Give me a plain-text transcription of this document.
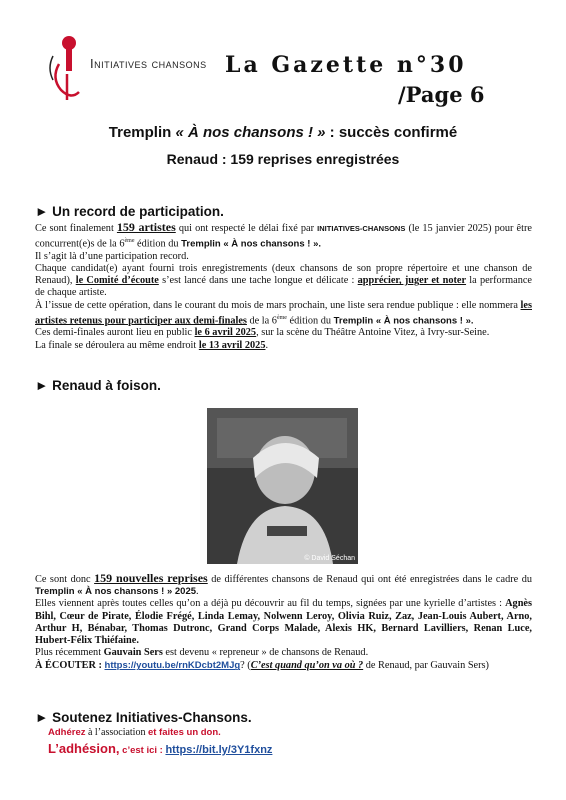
Initiatives chansons La Gazette n°30
/Page 6
Tremplin « À nos chansons ! » : succès confirmé
Renaud : 159 reprises enregistrées
► Un record de participation.
Ce sont finalement 159 artistes qui ont respecté le délai fixé par INITIATIVES-CHANSONS (le 15 janvier 2025) pour être concurrent(e)s de la 6ème édition du Tremplin « À nos chansons ! ».
Il s’agit là d’une participation record.
Chaque candidat(e) ayant fourni trois enregistrements (deux chansons de son propre répertoire et une chanson de Renaud), le Comité d’écoute s’est lancé dans une tache longue et délicate : apprécier, juger et noter la performance de chaque artiste.
À l’issue de cette opération, dans le courant du mois de mars prochain, une liste sera rendue publique : elle nommera les artistes retenus pour participer aux demi-finales de la 6ème édition du Tremplin « À nos chansons ! ».
Ces demi-finales auront lieu en public le 6 avril 2025, sur la scène du Théâtre Antoine Vitez, à Ivry-sur-Seine.
La finale se déroulera au même endroit le 13 avril 2025.
► Renaud à foison.
© David Séchan
Ce sont donc 159 nouvelles reprises de différentes chansons de Renaud qui ont été enregistrées dans le cadre du Tremplin « À nos chansons ! » 2025.
Elles viennent après toutes celles qu’on a déjà pu découvrir au fil du temps, signées par une kyrielle d’artistes : Agnès Bihl, Cœur de Pirate, Élodie Frégé, Linda Lemay, Nolwenn Leroy, Olivia Ruiz, Zaz, Jean-Louis Aubert, Arno, Arthur H, Bénabar, Thomas Dutronc, Grand Corps Malade, Alexis HK, Bernard Lavilliers, Renan Luce, Hubert-Félix Thiéfaine.
Plus récemment Gauvain Sers est devenu « repreneur » de chansons de Renaud.
À ÉCOUTER : https://youtu.be/rnKDcbt2MJg? (C’est quand qu’on va où ? de Renaud, par Gauvain Sers)
► Soutenez Initiatives-Chansons.
Adhérez à l’association et faites un don.
L’adhésion, c’est ici : https://bit.ly/3Y1fxnz
